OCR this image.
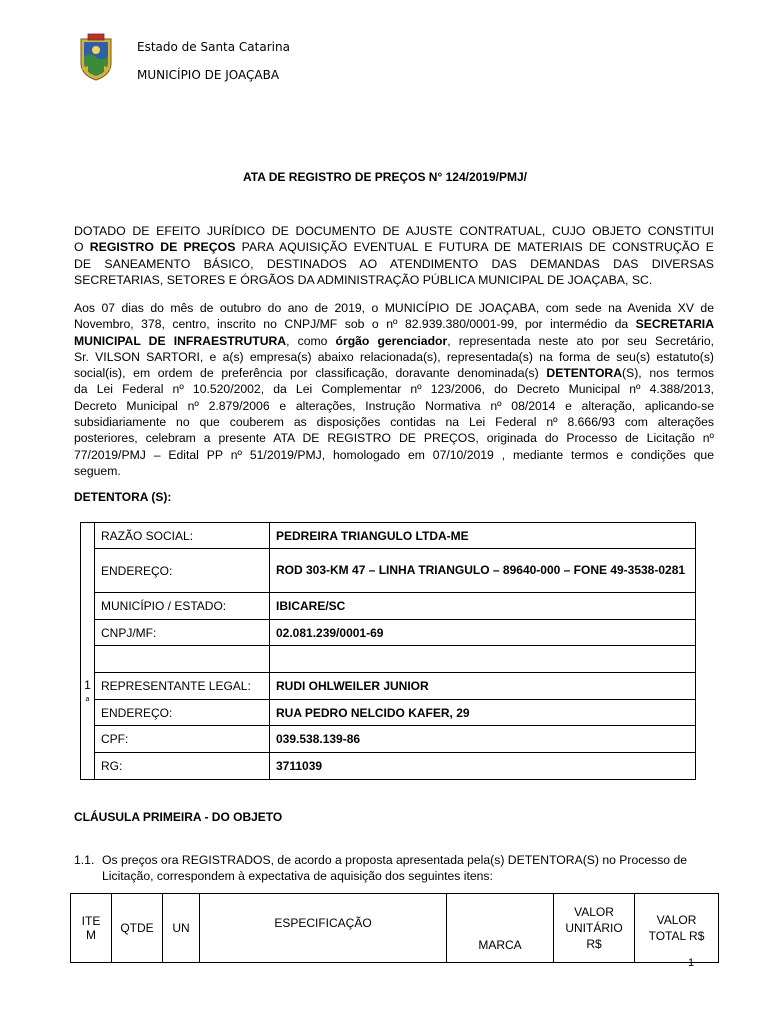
Estado de Santa Catarina
MUNICÍPIO DE JOAÇABA
ATA DE REGISTRO DE PREÇOS N° 124/2019/PMJ/
DOTADO DE EFEITO JURÍDICO DE DOCUMENTO DE AJUSTE CONTRATUAL, CUJO OBJETO CONSTITUI
O REGISTRO DE PREÇOS PARA AQUISIÇÃO EVENTUAL E FUTURA DE MATERIAIS DE CONSTRUÇÃO E
DE SANEAMENTO BÁSICO, DESTINADOS AO ATENDIMENTO DAS DEMANDAS DAS DIVERSAS
SECRETARIAS, SETORES E ÓRGÃOS DA ADMINISTRAÇÃO PÚBLICA MUNICIPAL DE JOAÇABA, SC.
Aos 07 dias do mês de outubro do ano de 2019, o MUNICÍPIO DE JOAÇABA, com sede na Avenida XV de
Novembro, 378, centro, inscrito no CNPJ/MF sob o nº 82.939.380/0001-99, por intermédio da SECRETARIA
MUNICIPAL DE INFRAESTRUTURA, como órgão gerenciador, representada neste ato por seu Secretário,
Sr. VILSON SARTORI, e a(s) empresa(s) abaixo relacionada(s), representada(s) na forma de seu(s) estatuto(s)
social(is), em ordem de preferência por classificação, doravante denominada(s) DETENTORA(S), nos termos
da Lei Federal nº 10.520/2002, da Lei Complementar nº 123/2006, do Decreto Municipal nº 4.388/2013,
Decreto Municipal nº 2.879/2006 e alterações, Instrução Normativa nº 08/2014 e alteração, aplicando-se
subsidiariamente no que couberem as disposições contidas na Lei Federal nº 8.666/93 com alterações
posteriores, celebram a presente ATA DE REGISTRO DE PREÇOS, originada do Processo de Licitação nº
77/2019/PMJ – Edital PP nº 51/2019/PMJ, homologado em 07/10/2019 , mediante termos e condições que
seguem.
DETENTORA (S):
1
a	RAZÃO SOCIAL:	PEDREIRA TRIANGULO LTDA-ME
	ENDEREÇO:	ROD 303-KM 47 – LINHA TRIANGULO – 89640-000 – FONE 49-3538-0281
	MUNICÍPIO / ESTADO:	IBICARE/SC
	CNPJ/MF:	02.081.239/0001-69

	REPRESENTANTE LEGAL:	RUDI OHLWEILER JUNIOR
	ENDEREÇO:	RUA PEDRO NELCIDO KAFER, 29
	CPF:	039.538.139-86
	RG:	3711039
CLÁUSULA PRIMEIRA - DO OBJETO
1.1. Os preços ora REGISTRADOS, de acordo a proposta apresentada pela(s) DETENTORA(S) no Processo de Licitação, correspondem à expectativa de aquisição dos seguintes itens:
ITE M	QTDE	UN	ESPECIFICAÇÃO	MARCA	VALOR UNITÁRIO R$	VALOR TOTAL R$
1
